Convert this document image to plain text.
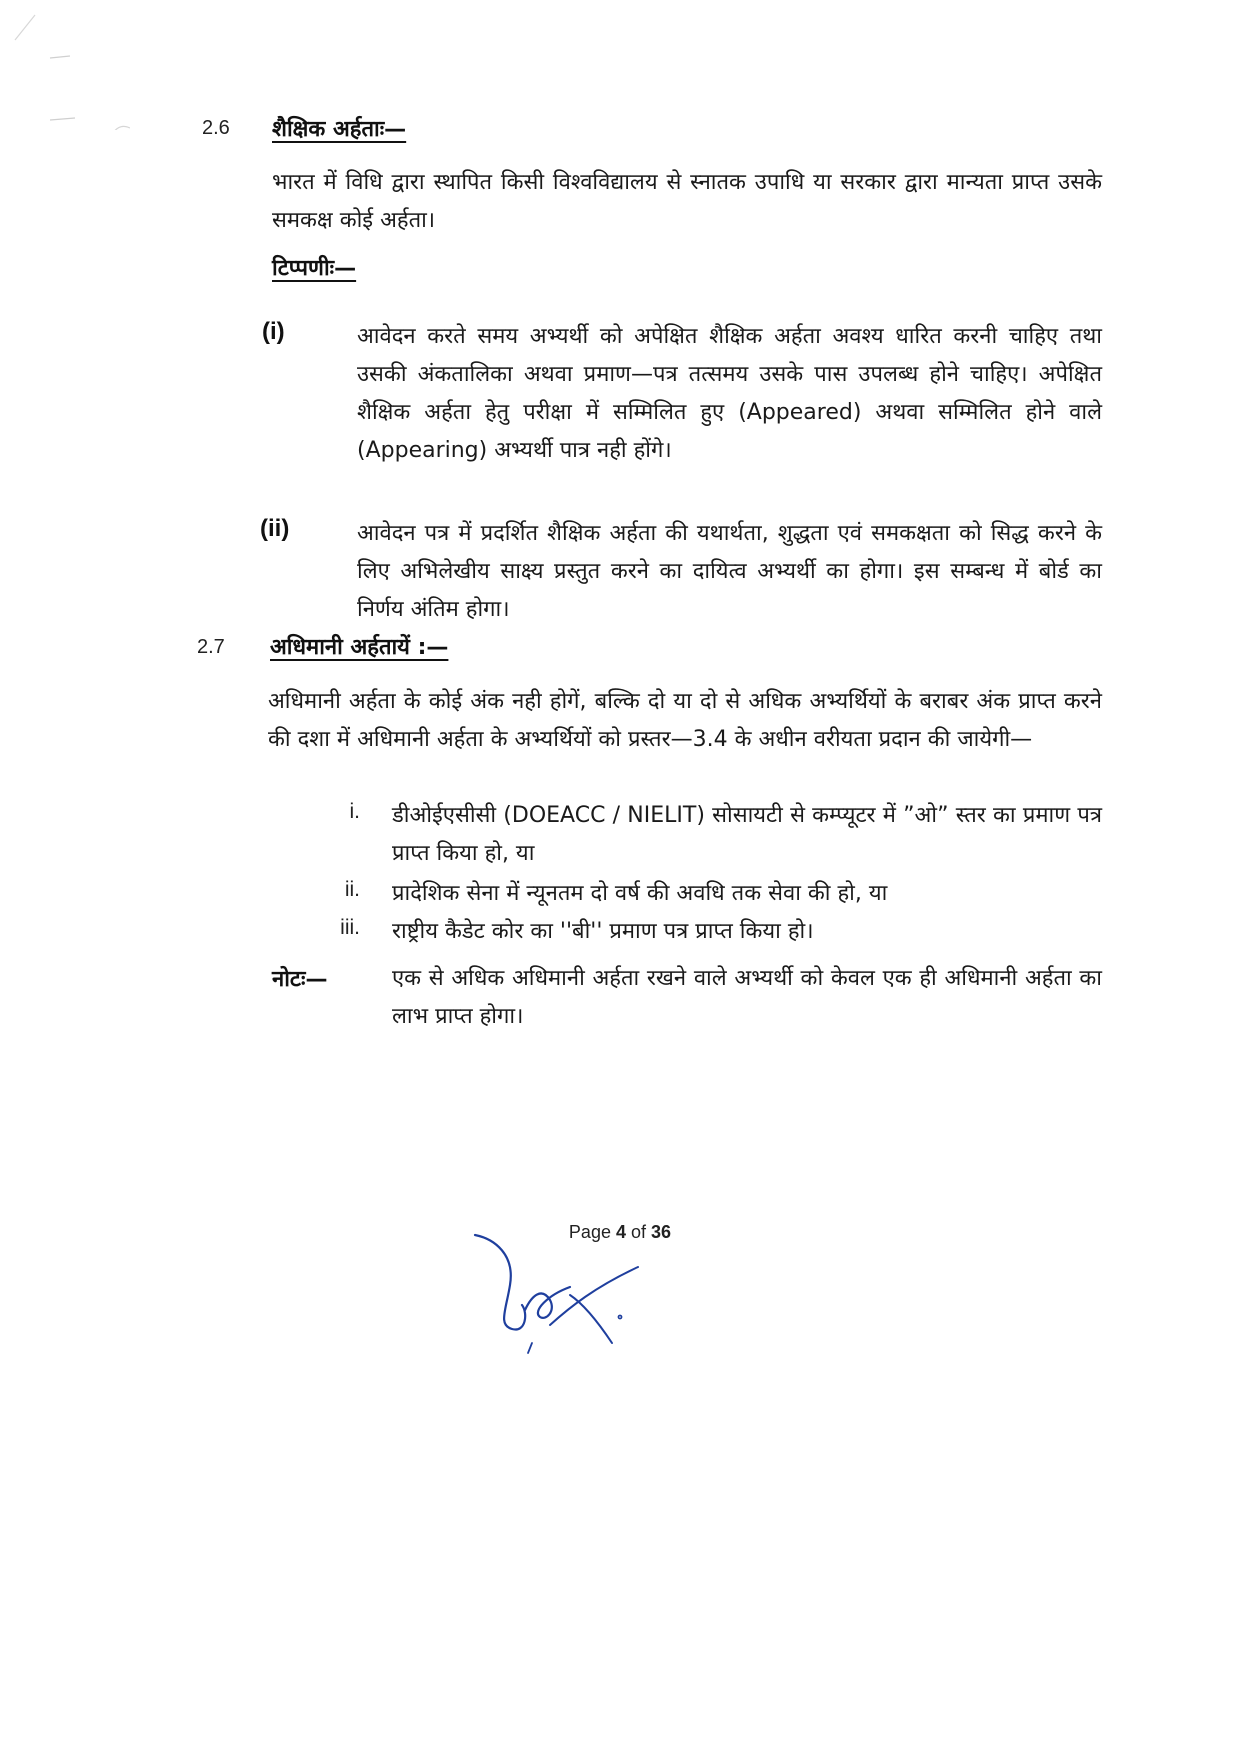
2.6 शैक्षिक अर्हताः—

भारत में विधि द्वारा स्थापित किसी विश्वविद्यालय से स्नातक उपाधि या सरकार द्वारा मान्यता प्राप्त उसके समकक्ष कोई अर्हता।

टिप्पणीः—
(i)	आवेदन करते समय अभ्यर्थी को अपेक्षित शैक्षिक अर्हता अवश्य धारित करनी चाहिए तथा उसकी अंकतालिका अथवा प्रमाण—पत्र तत्समय उसके पास उपलब्ध होने चाहिए। अपेक्षित शैक्षिक अर्हता हेतु परीक्षा में सम्मिलित हुए (Appeared) अथवा सम्मिलित होने वाले (Appearing) अभ्यर्थी पात्र नही होंगे।

(ii)	आवेदन पत्र में प्रदर्शित शैक्षिक अर्हता की यथार्थता, शुद्धता एवं समकक्षता को सिद्ध करने के लिए अभिलेखीय साक्ष्य प्रस्तुत करने का दायित्व अभ्यर्थी का होगा। इस सम्बन्ध में बोर्ड का निर्णय अंतिम होगा।

2.7 अधिमानी अर्हतायें :—

अधिमानी अर्हता के कोई अंक नही होगें, बल्कि दो या दो से अधिक अभ्यर्थियों के बराबर अंक प्राप्त करने की दशा में अधिमानी अर्हता के अभ्यर्थियों को प्रस्तर—3.4 के अधीन वरीयता प्रदान की जायेगी—

i. डीओईएसीसी (DOEACC / NIELIT) सोसायटी से कम्प्यूटर में ”ओ” स्तर का प्रमाण पत्र प्राप्त किया हो, या

ii. प्रादेशिक सेना में न्यूनतम दो वर्ष की अवधि तक सेवा की हो, या

iii. राष्ट्रीय कैडेट कोर का ''बी'' प्रमाण पत्र प्राप्त किया हो।

नोटः—	एक से अधिक अधिमानी अर्हता रखने वाले अभ्यर्थी को केवल एक ही अधिमानी अर्हता का लाभ प्राप्त होगा।

Page 4 of 36
